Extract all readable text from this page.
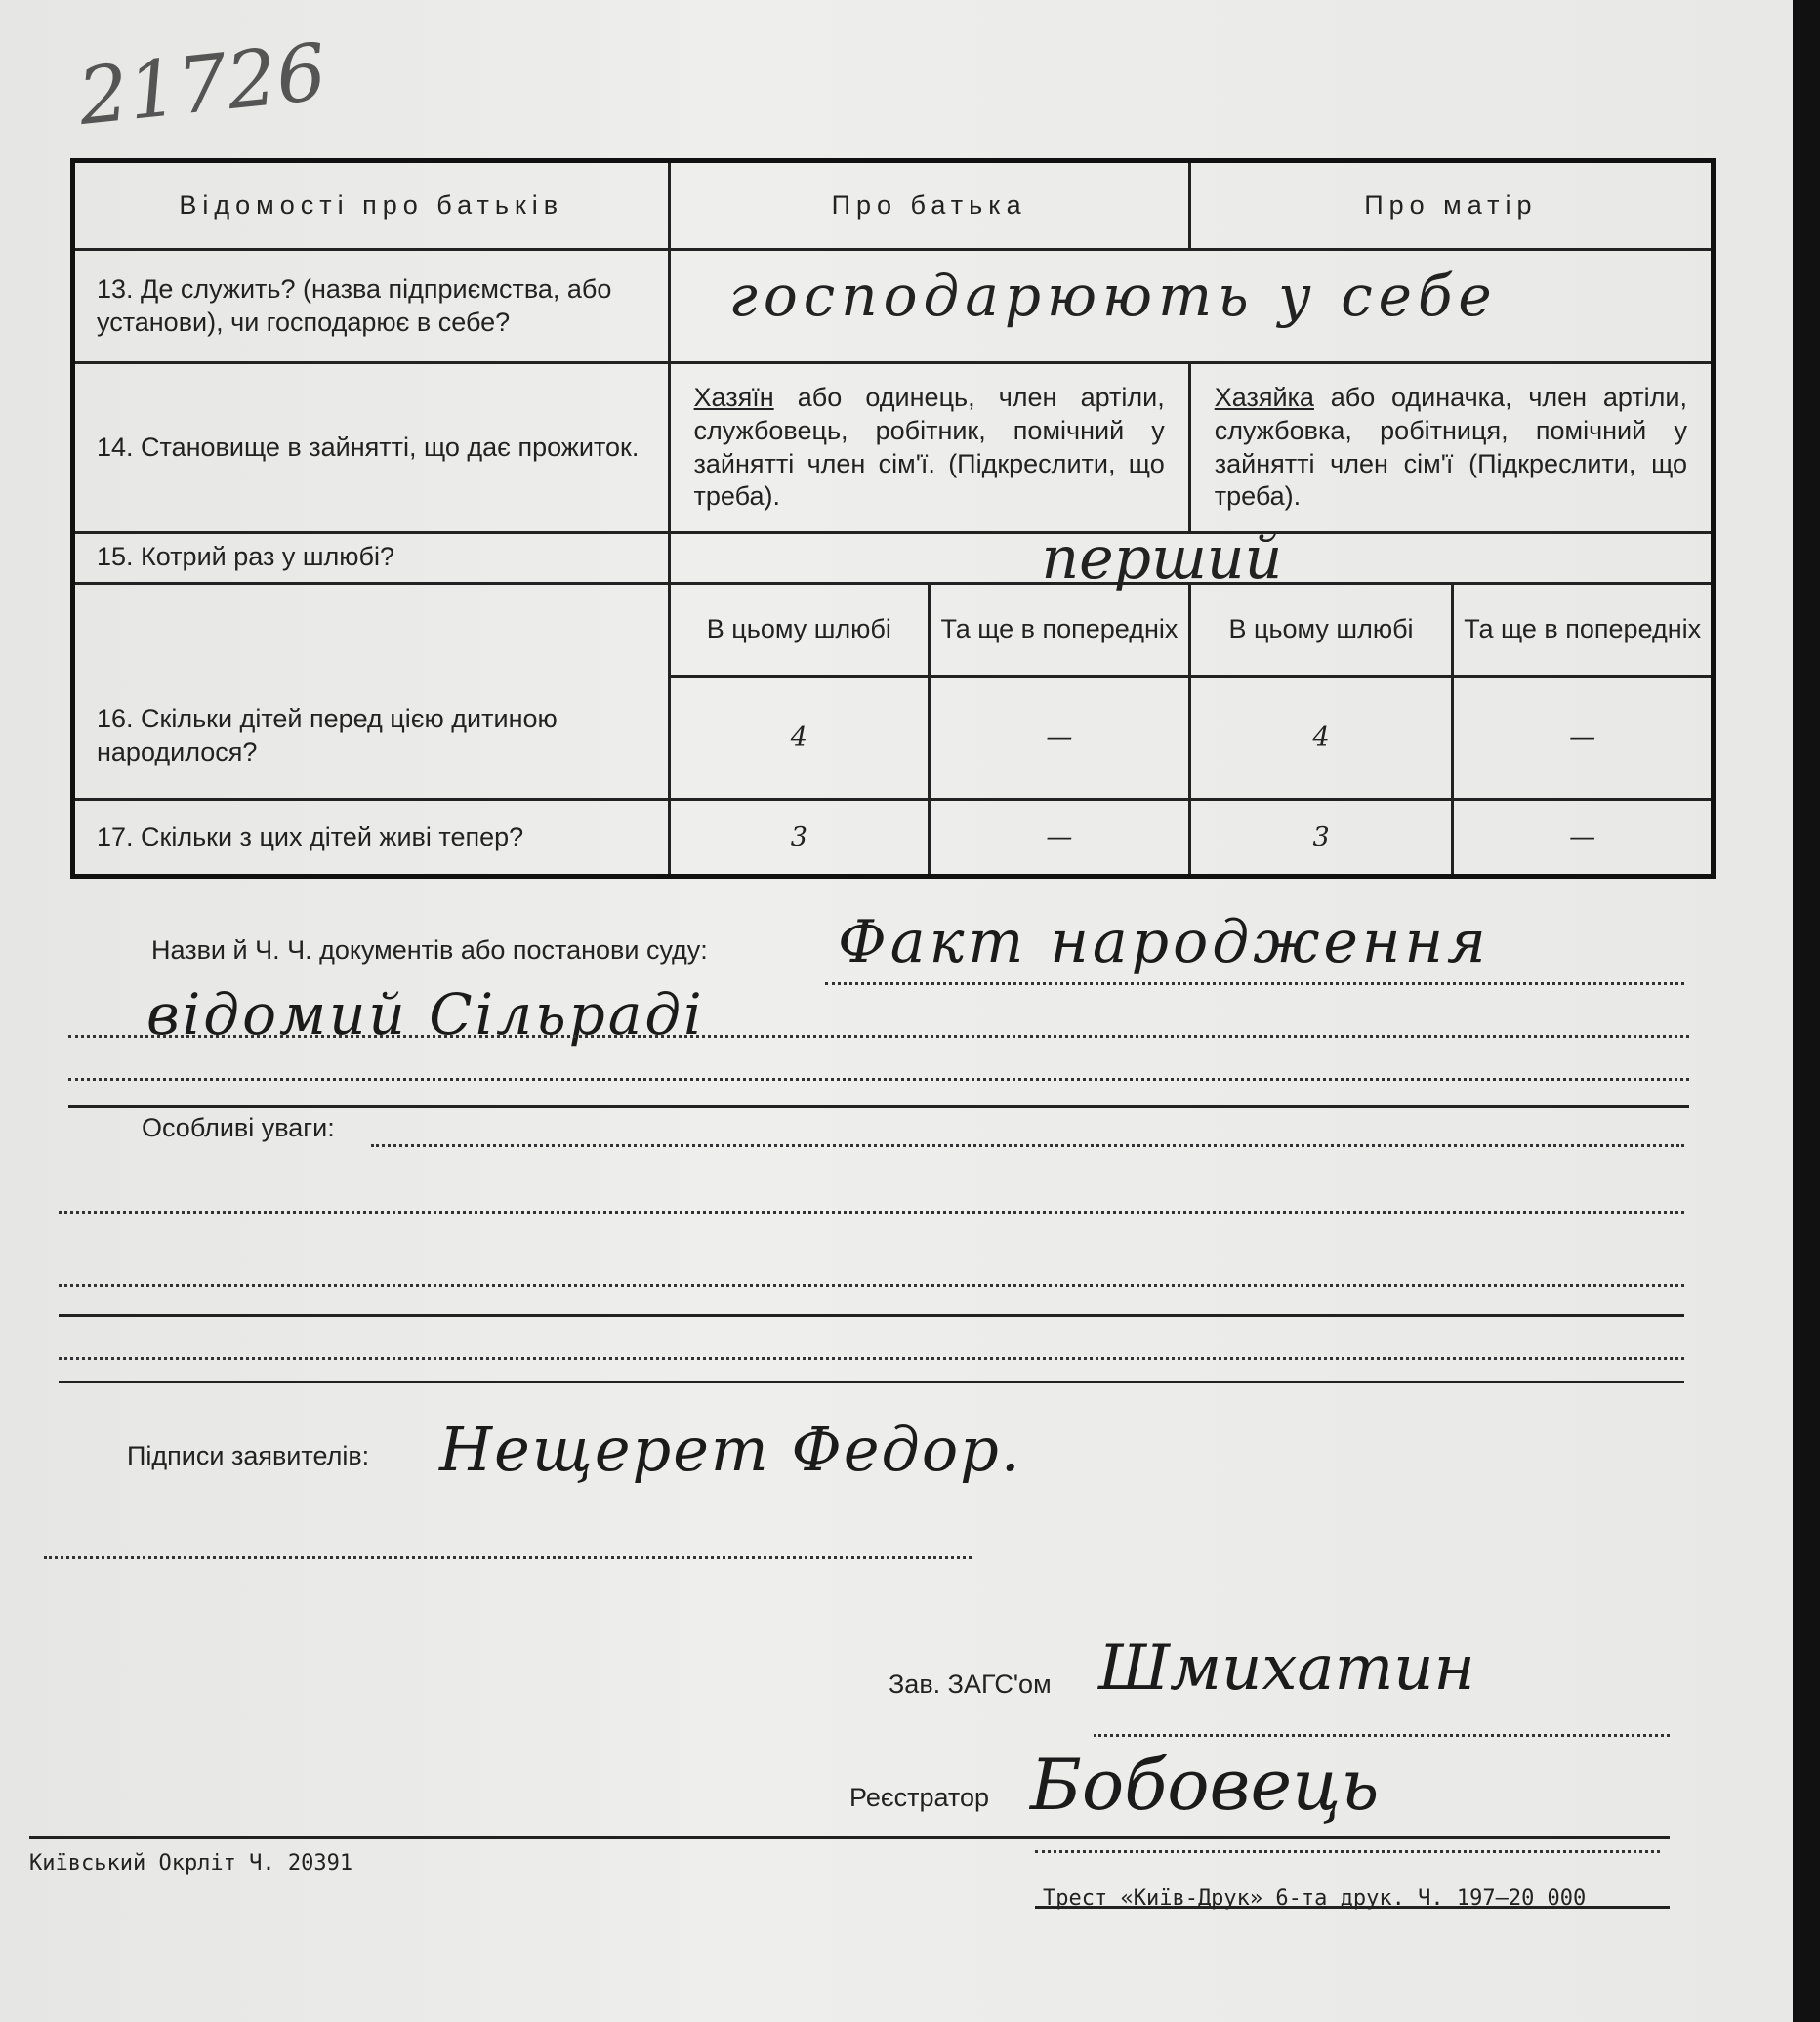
21726
Відомості про батьків	Про батька		Про матір	
13. Де служить? (назва підприємства, або установи), чи господарює в себе?	господарюють у себе			

14. Становище в зайнятті, що дає прожиток.	Хазяїн або одинець, член артіли, службовець, робітник, помічний у зайнятті член сім'ї. (Підкреслити, що треба).		Хазяйка або одиначка, член артіли, службовка, робітниця, помічний у зайнятті член сім'ї (Підкреслити, що треба).	
15. Котрий раз у шлюбі?	перший			

16. Скільки дітей перед цією дитиною народилося?	В цьому шлюбі	Та ще в попередніх	В цьому шлюбі	Та ще в попередніх
	4	—	4	—
17. Скільки з цих дітей живі тепер?	3	—	3	—
Назви й Ч. Ч. документів або постанови суду: Факт народження
відомий Сільраді
Особливі уваги:
Підписи заявителів: Нещерет Федор.
Зав. ЗАГС'ом Шмихатин
Реєстратор Бобовець
Київський Окрліт Ч. 20391
Трест «Київ-Друк» 6-та друк. Ч. 197—20 000
